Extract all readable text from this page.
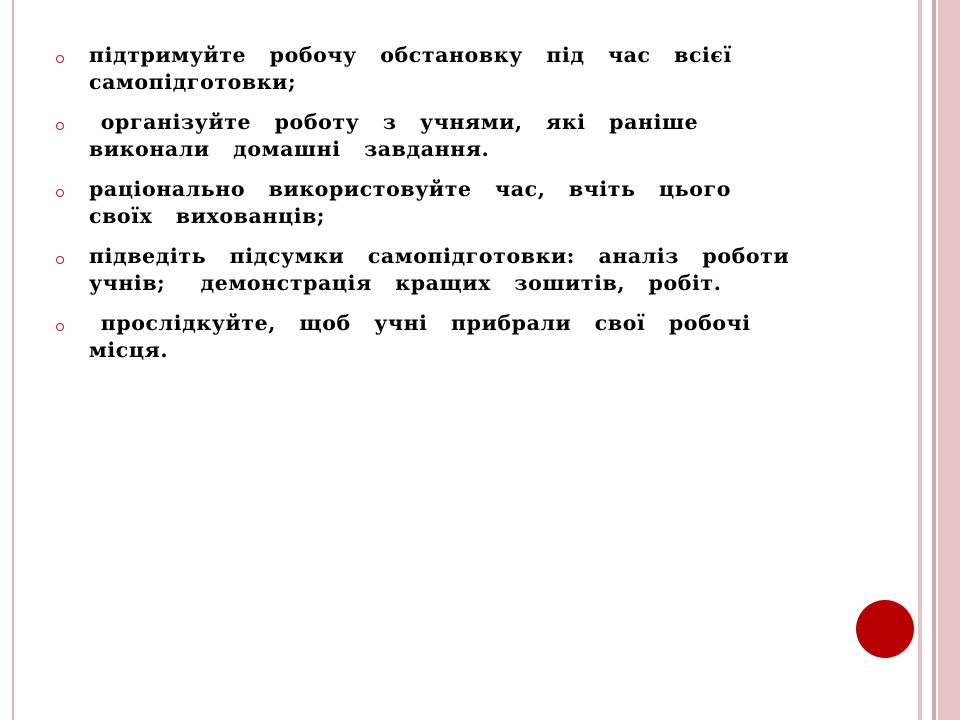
підтримуйте  робочу  обстановку  під  час  всієї
самопідготовки;
організуйте  роботу  з  учнями,  які  раніше
виконали  домашні  завдання.
раціонально  використовуйте  час,  вчіть  цього
своїх  вихованців;
підведіть  підсумки  самопідготовки:  аналіз  роботи
учнів;   демонстрація  кращих  зошитів,  робіт.
прослідкуйте,  щоб  учні  прибрали  свої  робочі
місця.
